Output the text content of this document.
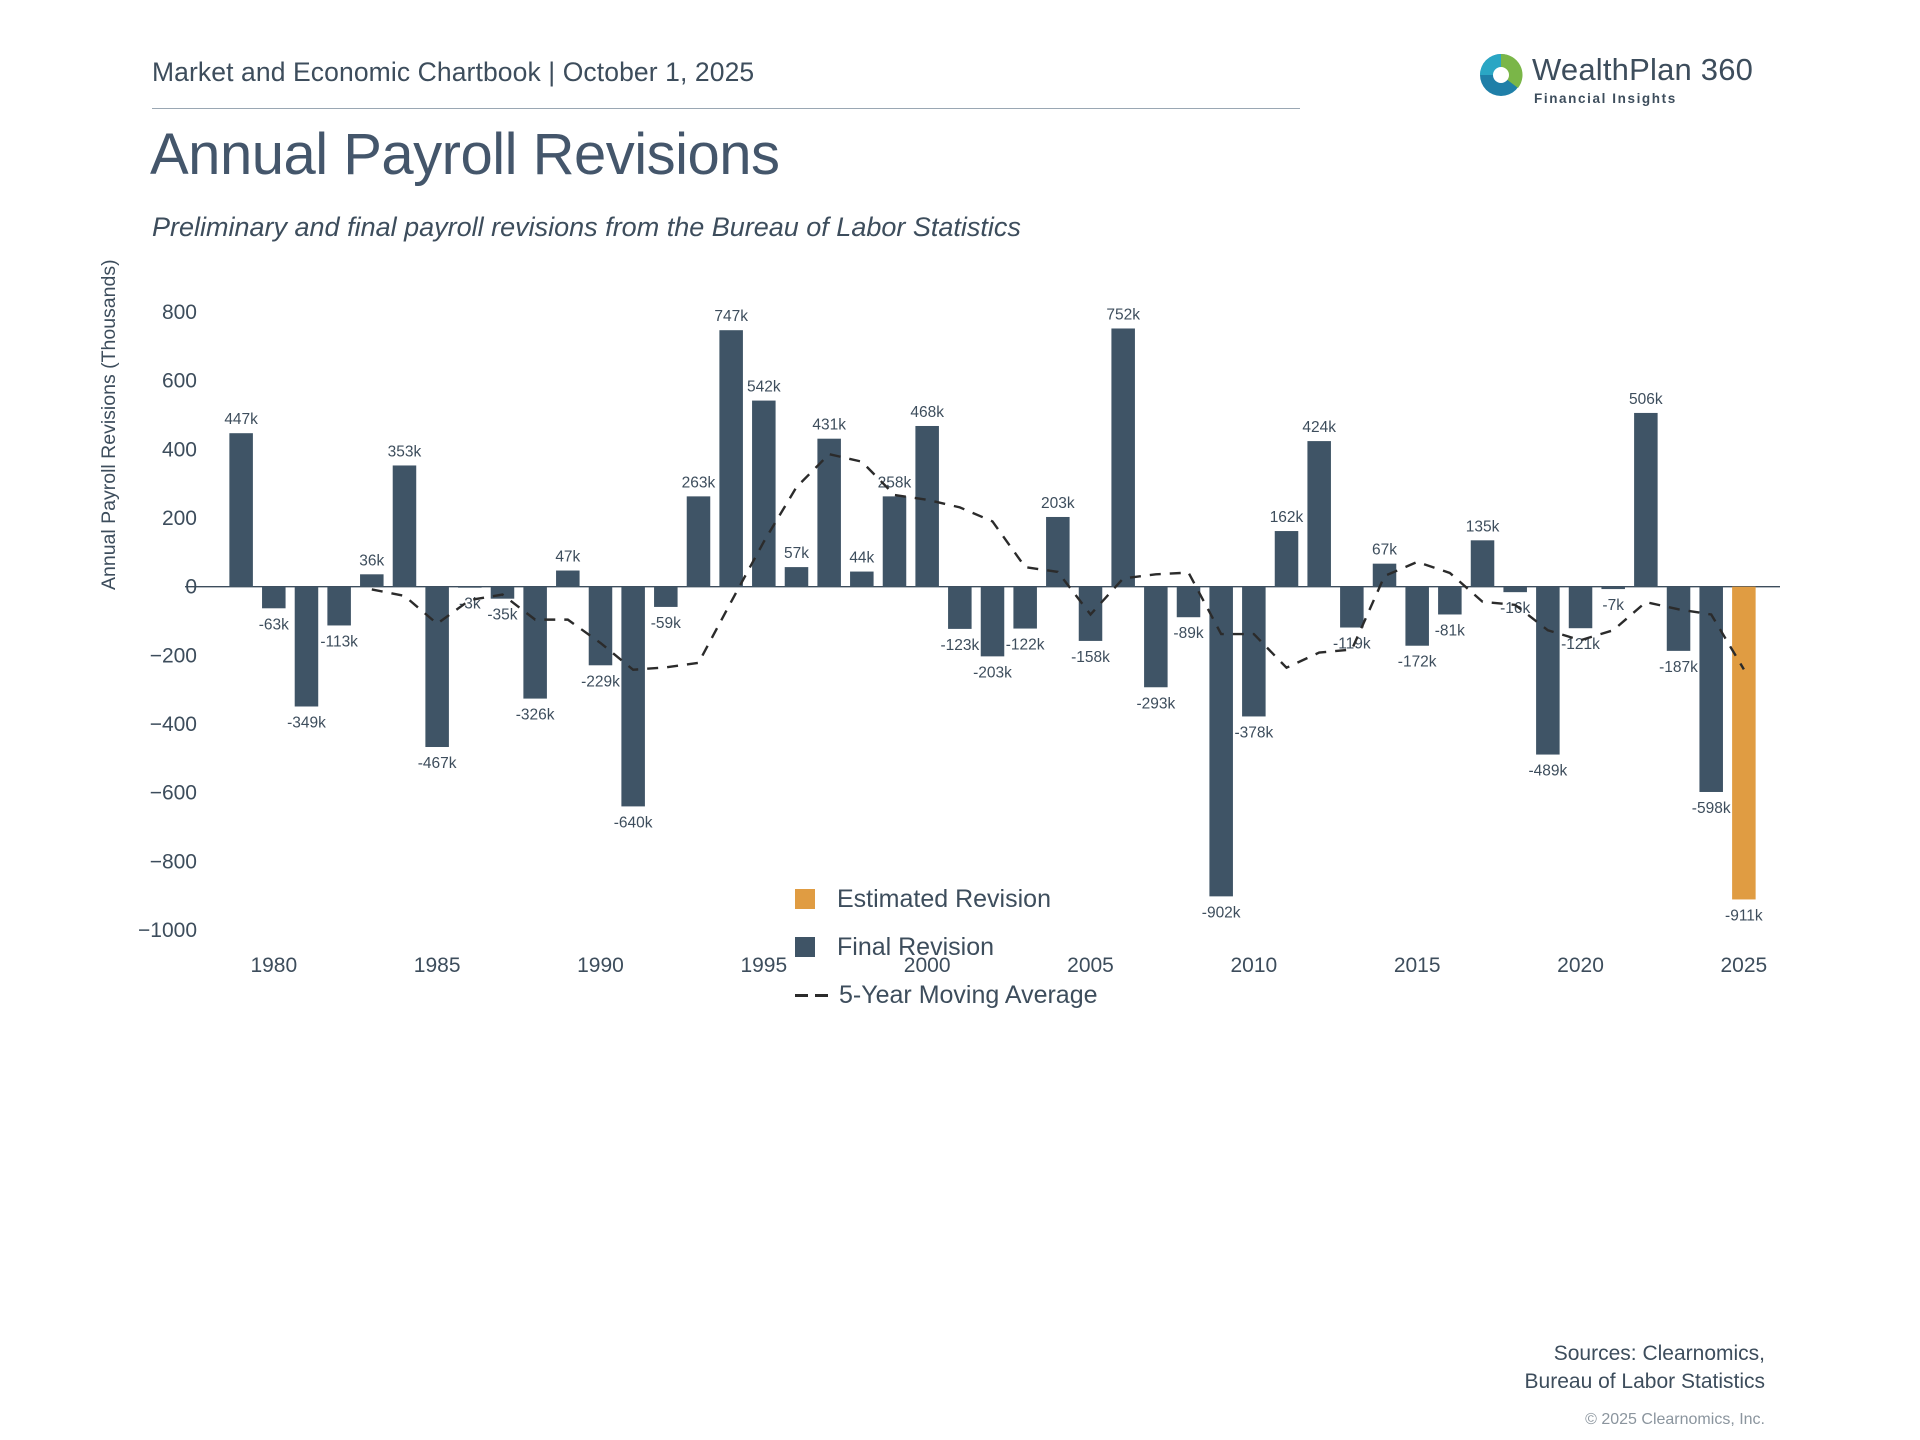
Market and Economic Chartbook | October 1, 2025
Annual Payroll Revisions
Preliminary and final payroll revisions from the Bureau of Labor Statistics
WealthPlan 360
Financial Insights
Annual Payroll Revisions (Thousands)
−1000
−800
−600
−400
−200
0
200
400
600
800
1980	1985	1990	1995	2000	2005	2010	2015	2020	2025
447k
-63k
-349k
-113k
36k
353k
-467k
-3k
-35k
-326k
47k
-229k
-640k
-59k
263k
747k
542k
57k
431k
44k
258k
468k
-123k
-203k
-122k
203k
-158k
752k
-293k
-89k
-902k
-378k
162k
424k
-119k
67k
-172k
-81k
135k
-16k
-489k
-121k
-7k
506k
-187k
-598k
-911k
Estimated Revision
Final Revision
5-Year Moving Average
Sources: Clearnomics,
Bureau of Labor Statistics
© 2025 Clearnomics, Inc.
